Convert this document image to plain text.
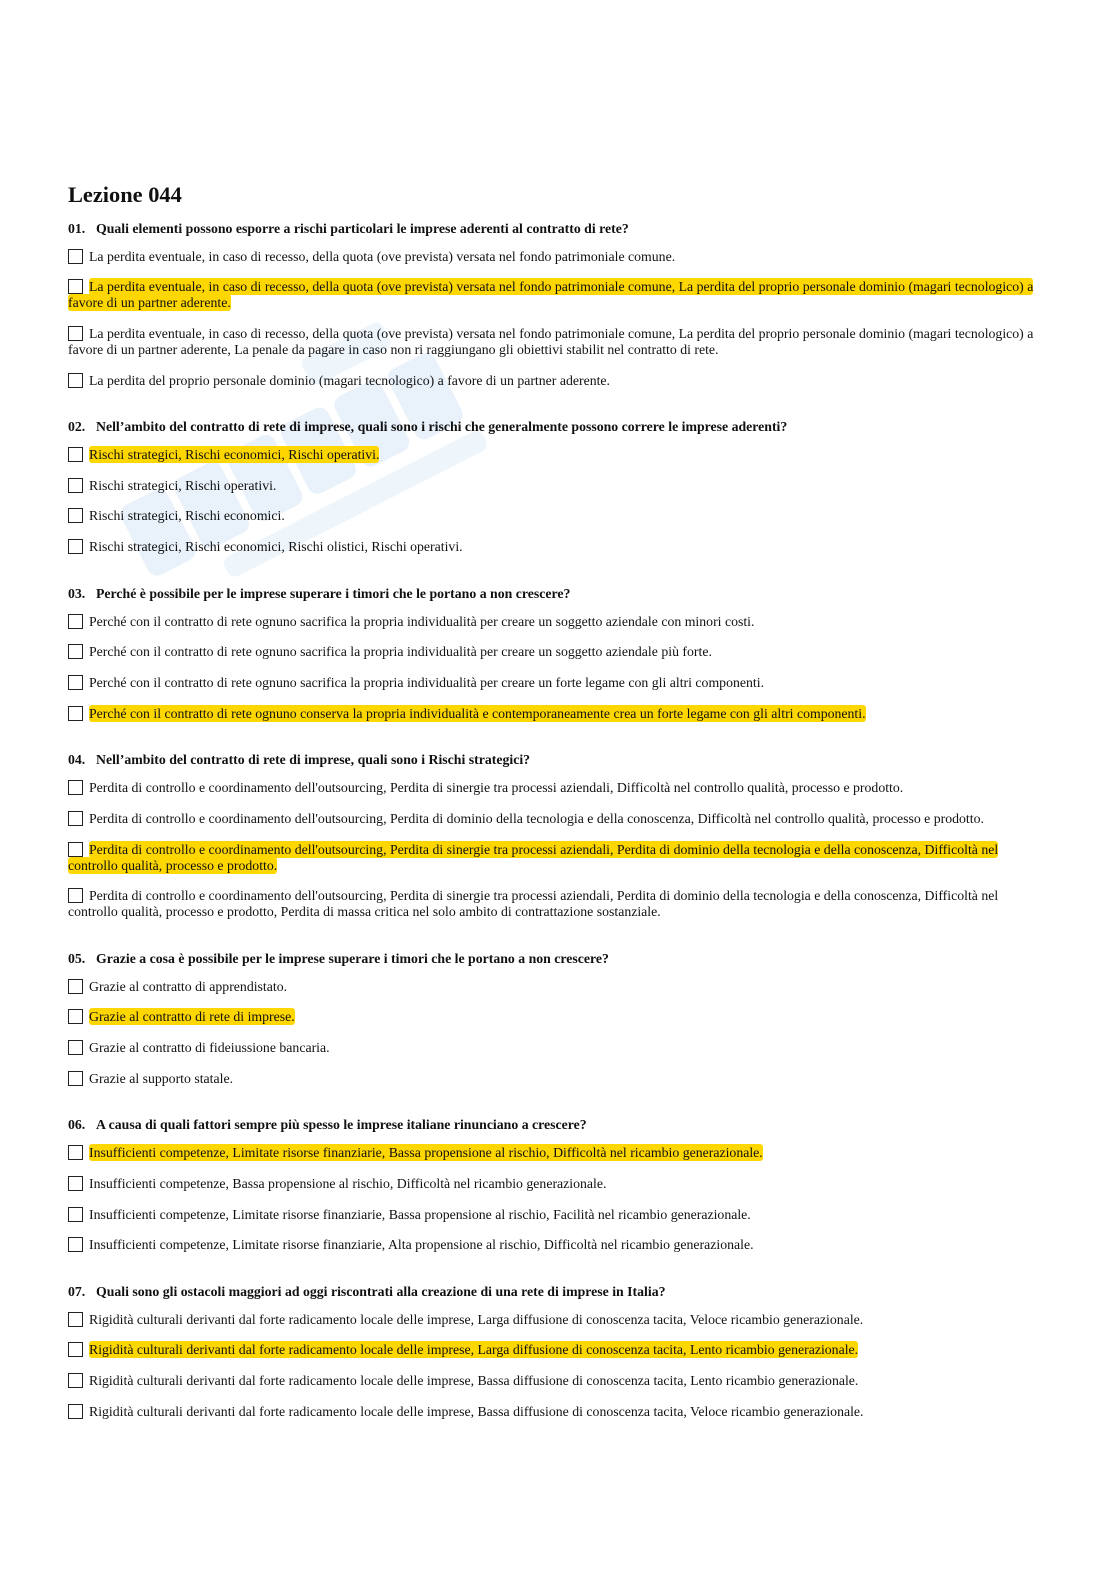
Lezione 044
01. Quali elementi possono esporre a rischi particolari le imprese aderenti al contratto di rete?
La perdita eventuale, in caso di recesso, della quota (ove prevista) versata nel fondo patrimoniale comune.
La perdita eventuale, in caso di recesso, della quota (ove prevista) versata nel fondo patrimoniale comune, La perdita del proprio personale dominio (magari tecnologico) a favore di un partner aderente.
La perdita eventuale, in caso di recesso, della quota (ove prevista) versata nel fondo patrimoniale comune, La perdita del proprio personale dominio (magari tecnologico) a favore di un partner aderente, La penale da pagare in caso non ri raggiungano gli obiettivi stabilit nel contratto di rete.
La perdita del proprio personale dominio (magari tecnologico) a favore di un partner aderente.
02. Nell’ambito del contratto di rete di imprese, quali sono i rischi che generalmente possono correre le imprese aderenti?
Rischi strategici, Rischi economici, Rischi operativi.
Rischi strategici, Rischi operativi.
Rischi strategici, Rischi economici.
Rischi strategici, Rischi economici, Rischi olistici, Rischi operativi.
03. Perché è possibile per le imprese superare i timori che le portano a non crescere?
Perché con il contratto di rete ognuno sacrifica la propria individualità per creare un soggetto aziendale con minori costi.
Perché con il contratto di rete ognuno sacrifica la propria individualità per creare un soggetto aziendale più forte.
Perché con il contratto di rete ognuno sacrifica la propria individualità per creare un forte legame con gli altri componenti.
Perché con il contratto di rete ognuno conserva la propria individualità e contemporaneamente crea un forte legame con gli altri componenti.
04. Nell’ambito del contratto di rete di imprese, quali sono i Rischi strategici?
Perdita di controllo e coordinamento dell'outsourcing, Perdita di sinergie tra processi aziendali, Difficoltà nel controllo qualità, processo e prodotto.
Perdita di controllo e coordinamento dell'outsourcing, Perdita di dominio della tecnologia e della conoscenza, Difficoltà nel controllo qualità, processo e prodotto.
Perdita di controllo e coordinamento dell'outsourcing, Perdita di sinergie tra processi aziendali, Perdita di dominio della tecnologia e della conoscenza, Difficoltà nel controllo qualità, processo e prodotto.
Perdita di controllo e coordinamento dell'outsourcing, Perdita di sinergie tra processi aziendali, Perdita di dominio della tecnologia e della conoscenza, Difficoltà nel controllo qualità, processo e prodotto, Perdita di massa critica nel solo ambito di contrattazione sostanziale.
05. Grazie a cosa è possibile per le imprese superare i timori che le portano a non crescere?
Grazie al contratto di apprendistato.
Grazie al contratto di rete di imprese.
Grazie al contratto di fideiussione bancaria.
Grazie al supporto statale.
06. A causa di quali fattori sempre più spesso le imprese italiane rinunciano a crescere?
Insufficienti competenze, Limitate risorse finanziarie, Bassa propensione al rischio, Difficoltà nel ricambio generazionale.
Insufficienti competenze, Bassa propensione al rischio, Difficoltà nel ricambio generazionale.
Insufficienti competenze, Limitate risorse finanziarie, Bassa propensione al rischio, Facilità nel ricambio generazionale.
Insufficienti competenze, Limitate risorse finanziarie, Alta propensione al rischio, Difficoltà nel ricambio generazionale.
07. Quali sono gli ostacoli maggiori ad oggi riscontrati alla creazione di una rete di imprese in Italia?
Rigidità culturali derivanti dal forte radicamento locale delle imprese, Larga diffusione di conoscenza tacita, Veloce ricambio generazionale.
Rigidità culturali derivanti dal forte radicamento locale delle imprese, Larga diffusione di conoscenza tacita, Lento ricambio generazionale.
Rigidità culturali derivanti dal forte radicamento locale delle imprese, Bassa diffusione di conoscenza tacita, Lento ricambio generazionale.
Rigidità culturali derivanti dal forte radicamento locale delle imprese, Bassa diffusione di conoscenza tacita, Veloce ricambio generazionale.
